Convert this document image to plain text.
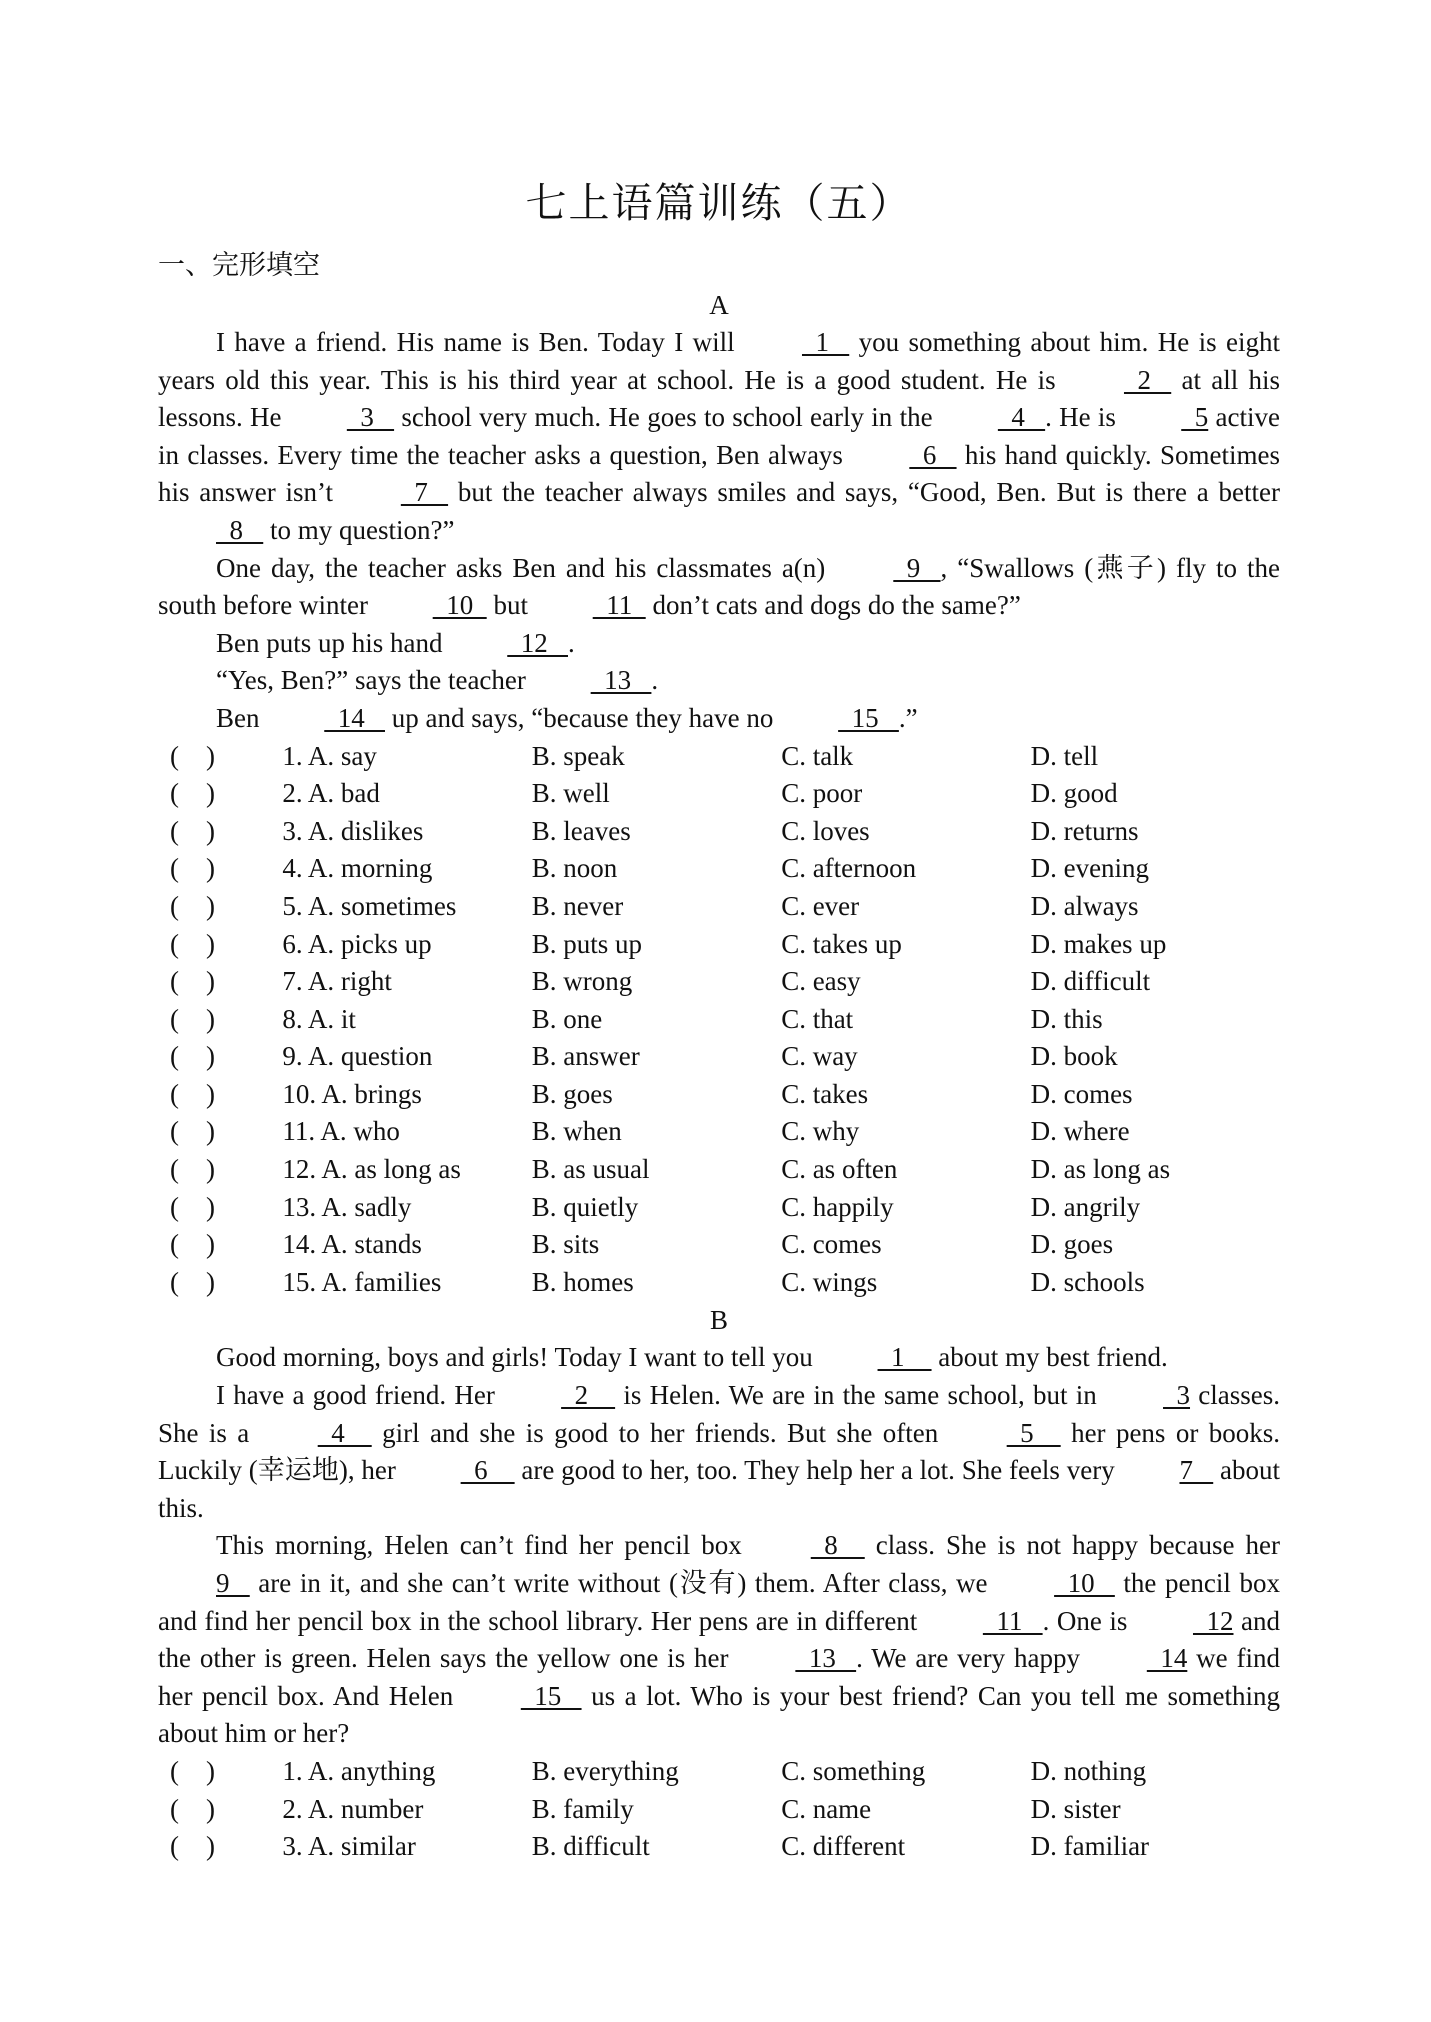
七上语篇训练（五）
一、完形填空
A

I have a friend. His name is Ben. Today I will   1    you something about him. He is eight years old this year. This is his third year at school. He is a good student. He is   2    at all his lessons. He   3    school very much. He goes to school early in the   4   . He is   5 active in classes. Every time the teacher asks a question, Ben always   6    his hand quickly. Sometimes his answer isn’t   7    but the teacher always smiles and says, “Good, Ben. But is there a better   8    to my question?”

One day, the teacher asks Ben and his classmates a(n)   9   , “Swallows (燕子) fly to the south before winter   10   but   11   don’t cats and dogs do the same?”

Ben puts up his hand   12   .

“Yes, Ben?” says the teacher   13   .

Ben   14    up and says, “because they have no   15   .”

(    )	1. A. say	B. speak	C. talk	D. tell
(    )	2. A. bad	B. well	C. poor	D. good
(    )	3. A. dislikes	B. leaves	C. loves	D. returns
(    )	4. A. morning	B. noon	C. afternoon	D. evening
(    )	5. A. sometimes	B. never	C. ever	D. always
(    )	6. A. picks up	B. puts up	C. takes up	D. makes up
(    )	7. A. right	B. wrong	C. easy	D. difficult
(    )	8. A. it	B. one	C. that	D. this
(    )	9. A. question	B. answer	C. way	D. book
(    )	10. A. brings	B. goes	C. takes	D. comes
(    )	11. A. who	B. when	C. why	D. where
(    )	12. A. as long as	B. as usual	C. as often	D. as long as
(    )	13. A. sadly	B. quietly	C. happily	D. angrily
(    )	14. A. stands	B. sits	C. comes	D. goes
(    )	15. A. families	B. homes	C. wings	D. schools
B

Good morning, boys and girls! Today I want to tell you   1     about my best friend.

I have a good friend. Her   2     is Helen. We are in the same school, but in   3 classes. She is a   4     girl and she is good to her friends. But she often   5     her pens or books. Luckily (幸运地), her   6     are good to her, too. They help her a lot. She feels very 7    about this.

This morning, Helen can’t find her pencil box   8     class. She is not happy because her 9    are in it, and she can’t write without (没有) them. After class, we   10    the pencil box and find her pencil box in the school library. Her pens are in different   11   . One is   12 and the other is green. Helen says the yellow one is her   13   . We are very happy   14 we find her pencil box. And Helen   15    us a lot. Who is your best friend? Can you tell me something about him or her?

(    )	1. A. anything	B. everything	C. something	D. nothing
(    )	2. A. number	B. family	C. name	D. sister
(    )	3. A. similar	B. difficult	C. different	D. familiar
